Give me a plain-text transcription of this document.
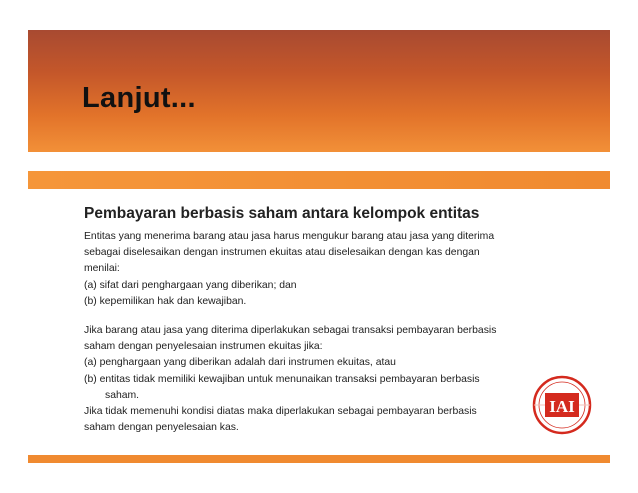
Lanjut...
Pembayaran berbasis saham antara kelompok entitas

Entitas yang menerima barang atau jasa harus mengukur barang atau jasa yang diterima

sebagai diselesaikan dengan instrumen ekuitas atau diselesaikan dengan kas dengan

menilai:

(a) sifat dari penghargaan yang diberikan; dan

(b) kepemilikan hak dan kewajiban.

Jika barang atau jasa yang diterima diperlakukan sebagai transaksi pembayaran berbasis

saham dengan penyelesaian instrumen ekuitas jika:

(a) penghargaan yang diberikan adalah dari instrumen ekuitas, atau

(b) entitas tidak memiliki kewajiban untuk menunaikan transaksi pembayaran berbasis

saham.

Jika tidak memenuhi kondisi diatas maka diperlakukan sebagai pembayaran berbasis

saham dengan penyelesaian kas.

IAI
